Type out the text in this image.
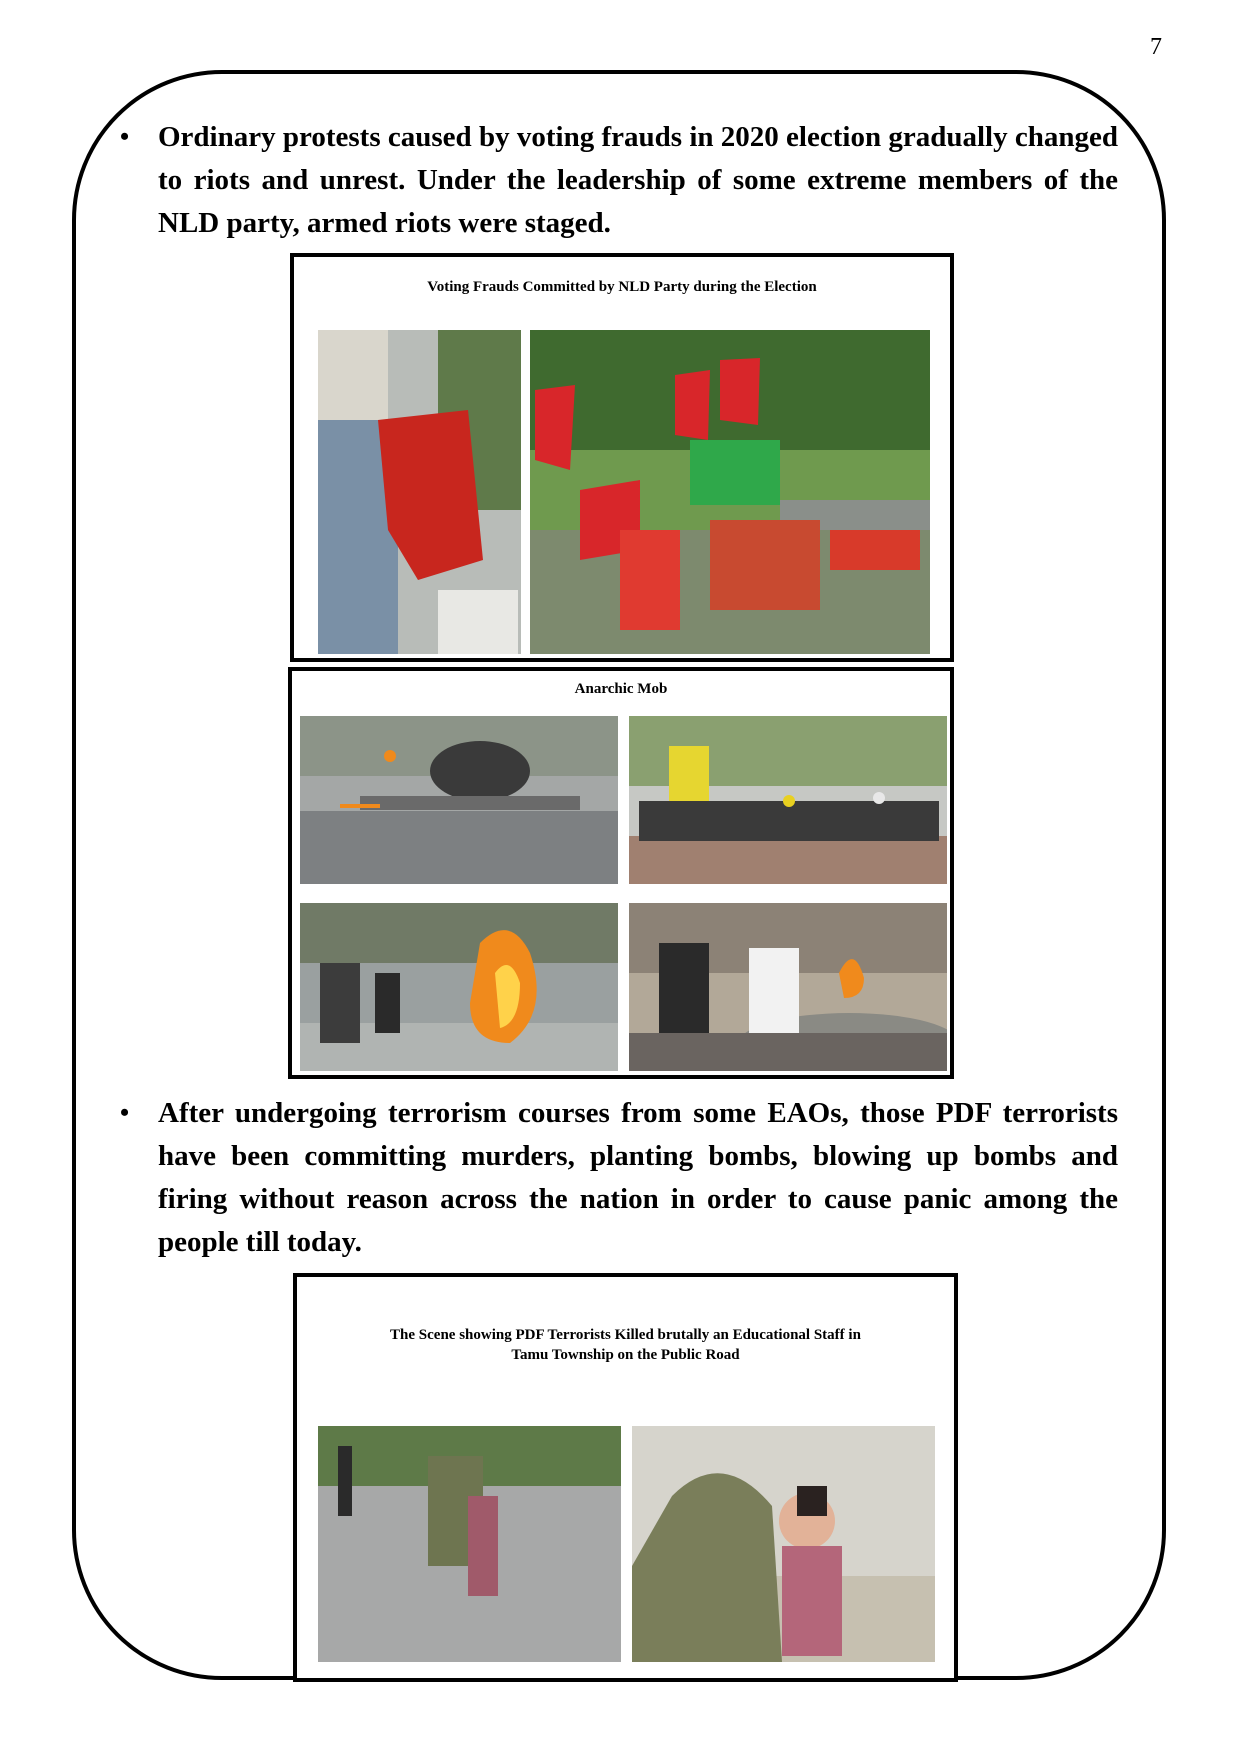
7
• Ordinary protests caused by voting frauds in 2020 election gradually changed to riots and unrest. Under the leadership of some extreme members of the NLD party, armed riots were staged.
Voting Frauds Committed by NLD Party during the Election
Anarchic Mob
• After undergoing terrorism courses from some EAOs, those PDF terrorists have been committing murders, planting bombs, blowing up bombs and firing without reason across the nation in order to cause panic among the people till today.
The Scene showing PDF Terrorists Killed brutally an Educational Staff in
Tamu Township on the Public Road
